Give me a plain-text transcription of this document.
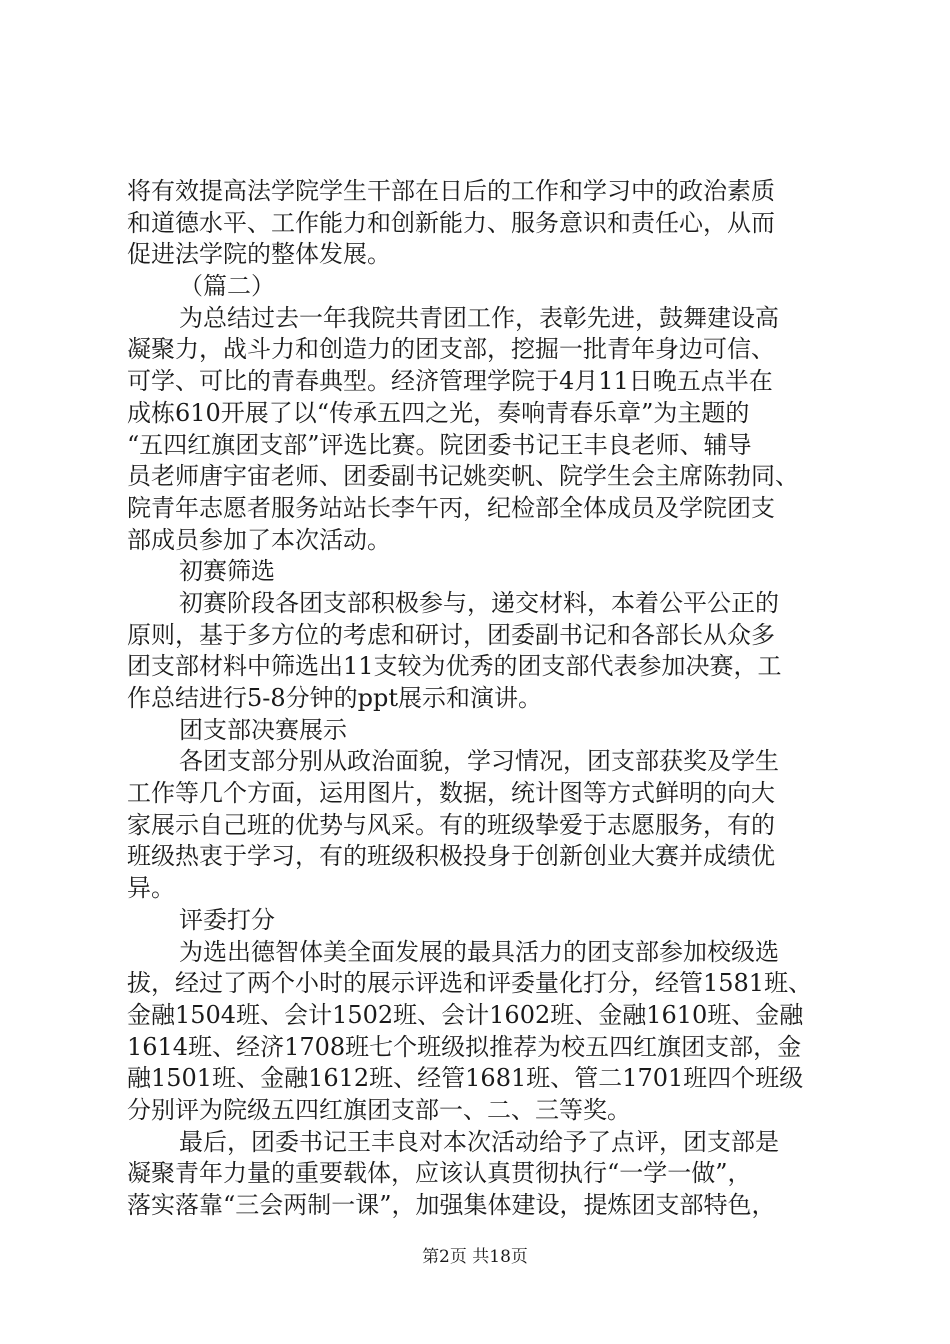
将有效提高法学院学生干部在日后的工作和学习中的政治素质
和道德水平、工作能力和创新能力、服务意识和责任心，从而
促进法学院的整体发展。
（篇二）
为总结过去一年我院共青团工作，表彰先进，鼓舞建设高
凝聚力，战斗力和创造力的团支部，挖掘一批青年身边可信、
可学、可比的青春典型。经济管理学院于4月11日晚五点半在
成栋610开展了以“传承五四之光，奏响青春乐章”为主题的
“五四红旗团支部”评选比赛。院团委书记王丰良老师、辅导
员老师唐宇宙老师、团委副书记姚奕帆、院学生会主席陈勃同、
院青年志愿者服务站站长李午丙，纪检部全体成员及学院团支
部成员参加了本次活动。
初赛筛选
初赛阶段各团支部积极参与，递交材料，本着公平公正的
原则，基于多方位的考虑和研讨，团委副书记和各部长从众多
团支部材料中筛选出11支较为优秀的团支部代表参加决赛，工
作总结进行5-8分钟的ppt展示和演讲。
团支部决赛展示
各团支部分别从政治面貌，学习情况，团支部获奖及学生
工作等几个方面，运用图片，数据，统计图等方式鲜明的向大
家展示自己班的优势与风采。有的班级挚爱于志愿服务，有的
班级热衷于学习，有的班级积极投身于创新创业大赛并成绩优
异。
评委打分
为选出德智体美全面发展的最具活力的团支部参加校级选
拔，经过了两个小时的展示评选和评委量化打分，经管1581班、
金融1504班、会计1502班、会计1602班、金融1610班、金融
1614班、经济1708班七个班级拟推荐为校五四红旗团支部，金
融1501班、金融1612班、经管1681班、管二1701班四个班级
分别评为院级五四红旗团支部一、二、三等奖。
最后，团委书记王丰良对本次活动给予了点评，团支部是
凝聚青年力量的重要载体，应该认真贯彻执行“一学一做”，
落实落靠“三会两制一课”，加强集体建设，提炼团支部特色，
第2页 共18页
